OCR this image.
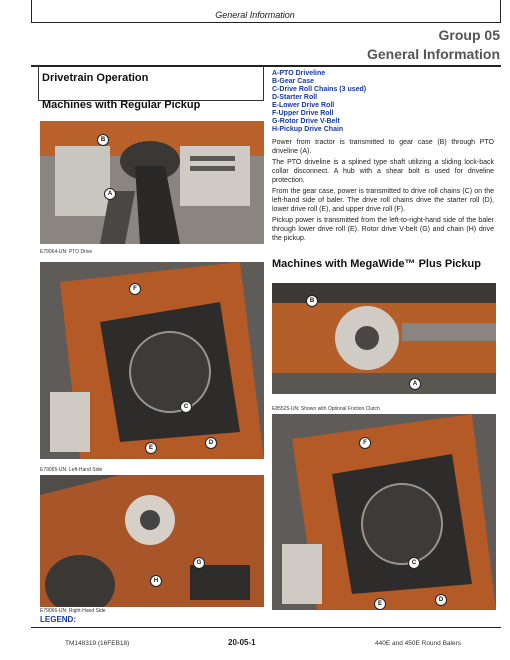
General Information
Group 05
General Information
Drivetrain Operation
Machines with Regular Pickup
A-PTO Driveline
B-Gear Case
C-Drive Roll Chains (3 used)
D-Starter Roll
E-Lower Drive Roll
F-Upper Drive Roll
G-Rotor Drive V-Belt
H-Pickup Drive Chain
Power from tractor is transmitted to gear case (B) through PTO driveline (A).
The PTO driveline is a splined type shaft utilizing a sliding lock-back collar disconnect. A hub with a shear bolt is used for driveline protection.
From the gear case, power is transmitted to drive roll chains (C) on the left-hand side of baler. The drive roll chains drive the starter roll (D), lower drive roll (E), and upper drive roll (F).
Pickup power is transmitted from the left-to-right-hand side of the baler through lower drive roll (E). Rotor drive V-belt (G) and chain (H) drive the pickup.
B
A
E79064-UN: PTO Drive
F
C
E
D
E79065-UN: Left-Hand Side
G
H
E79066-UN: Right-Hand Side
Machines with MegaWide™ Plus Pickup
B
A
E85525-UN: Shown with Optional Friction Clutch
F
C
E
D
LEGEND:
TM148319 (16FEB18)	20-05-1	440E and 450E Round Balers
